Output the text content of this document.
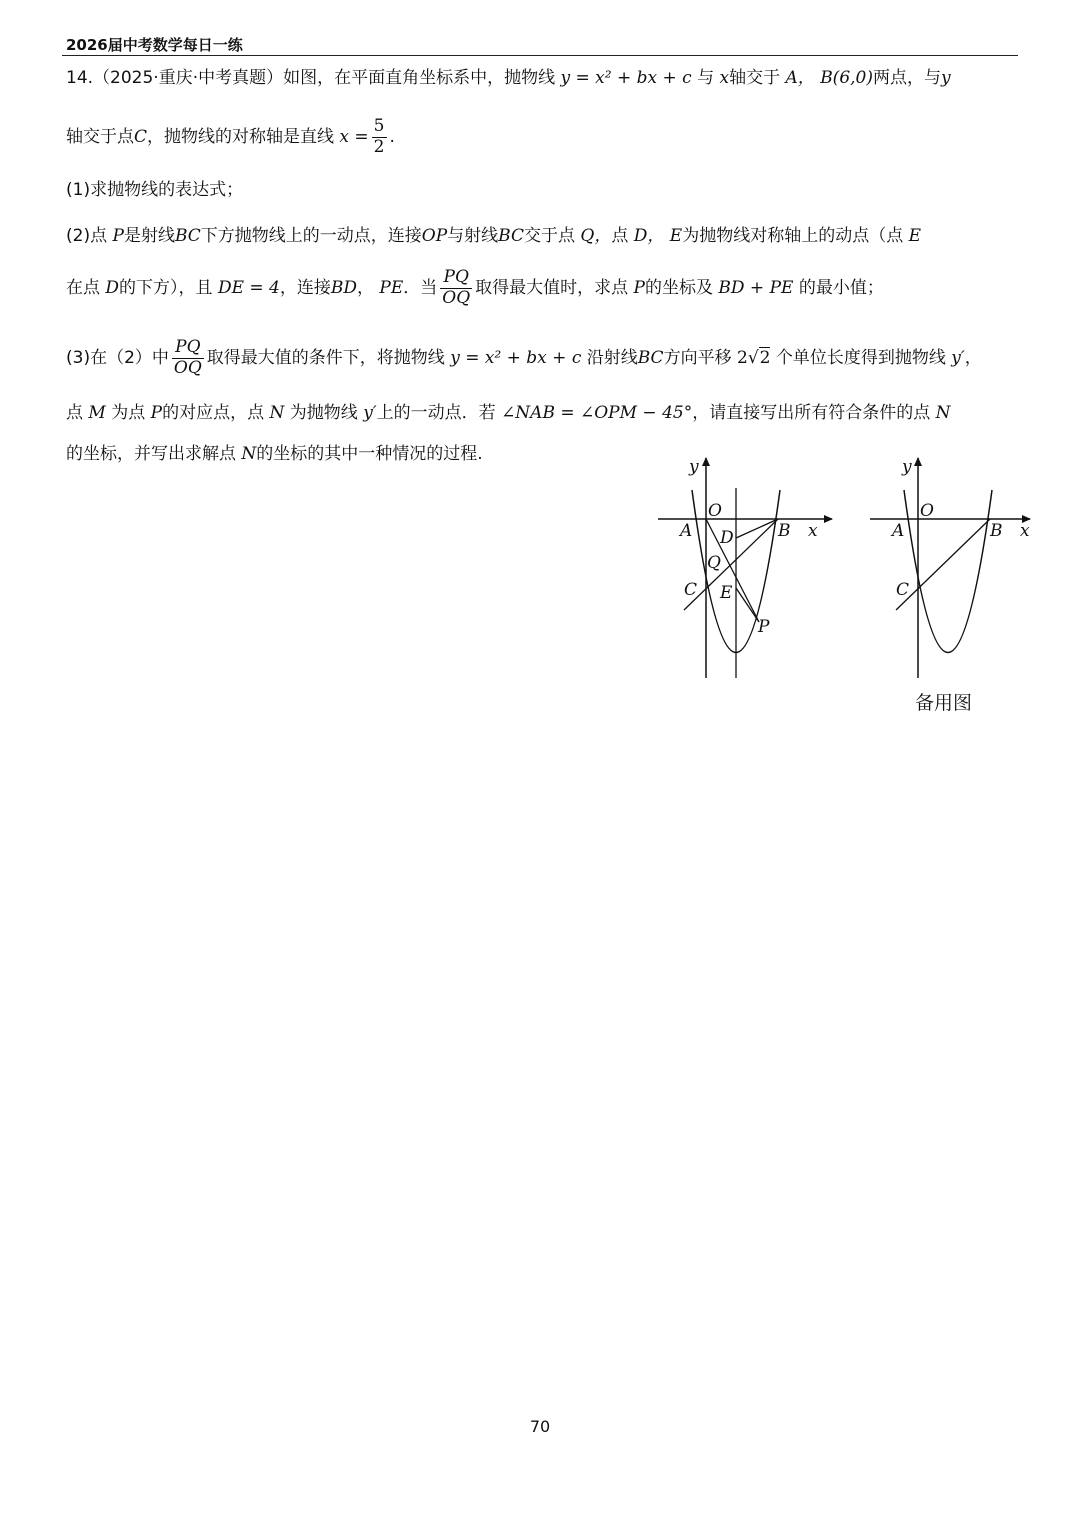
2026届中考数学每日一练
14.（2025·重庆·中考真题）如图，在平面直角坐标系中，抛物线 y = x² + bx + c 与 x轴交于 A， B(6,0)两点，与y
轴交于点C，抛物线的对称轴是直线 $x = \frac{5}{2}$ .
(1)求抛物线的表达式；
(2)点 P是射线BC下方抛物线上的一动点，连接OP与射线BC交于点 Q，点 D， E为抛物线对称轴上的动点（点 E
在点 D的下方），且 DE = 4，连接BD， PE．当 $\frac{PQ}{OQ}$ 取得最大值时，求点 P的坐标及 BD + PE 的最小值；
(3)在（2）中 $\frac{PQ}{OQ}$ 取得最大值的条件下，将抛物线 y = x² + bx + c 沿射线BC方向平移 2√2 个单位长度得到抛物线 y′，
点 M 为点 P的对应点，点 N 为抛物线 y′上的一动点．若 ∠NAB = ∠OPM − 45°，请直接写出所有符合条件的点 N
的坐标，并写出求解点 N的坐标的其中一种情况的过程.
O
A	B x
y
D
Q
C E
P
O
A	B x
y
C
备用图
70
